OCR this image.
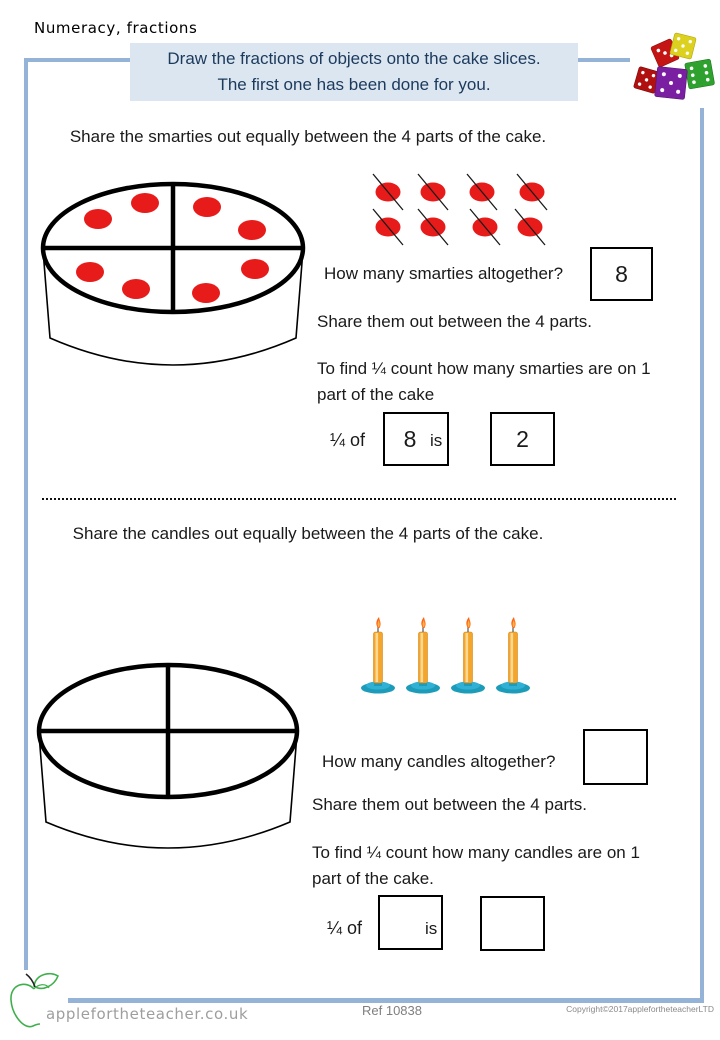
Numeracy, fractions
Draw the fractions of objects onto the cake slices.
The first one has been done for you.
Share the smarties out equally between the 4 parts of the cake.
How many smarties altogether? 8
Share them out between the 4 parts.
To find ¼ count how many smarties are on 1
part of the cake
¼ of 8 is	2
Share the candles out equally between the 4 parts of the cake.
How many candles altogether?
Share them out between the 4 parts.
To find ¼ count how many candles are on 1
part of the cake.
¼ of	is
applefortheteacher.co.uk	Ref 10838	Copyright©2017applefortheteacherLTD
